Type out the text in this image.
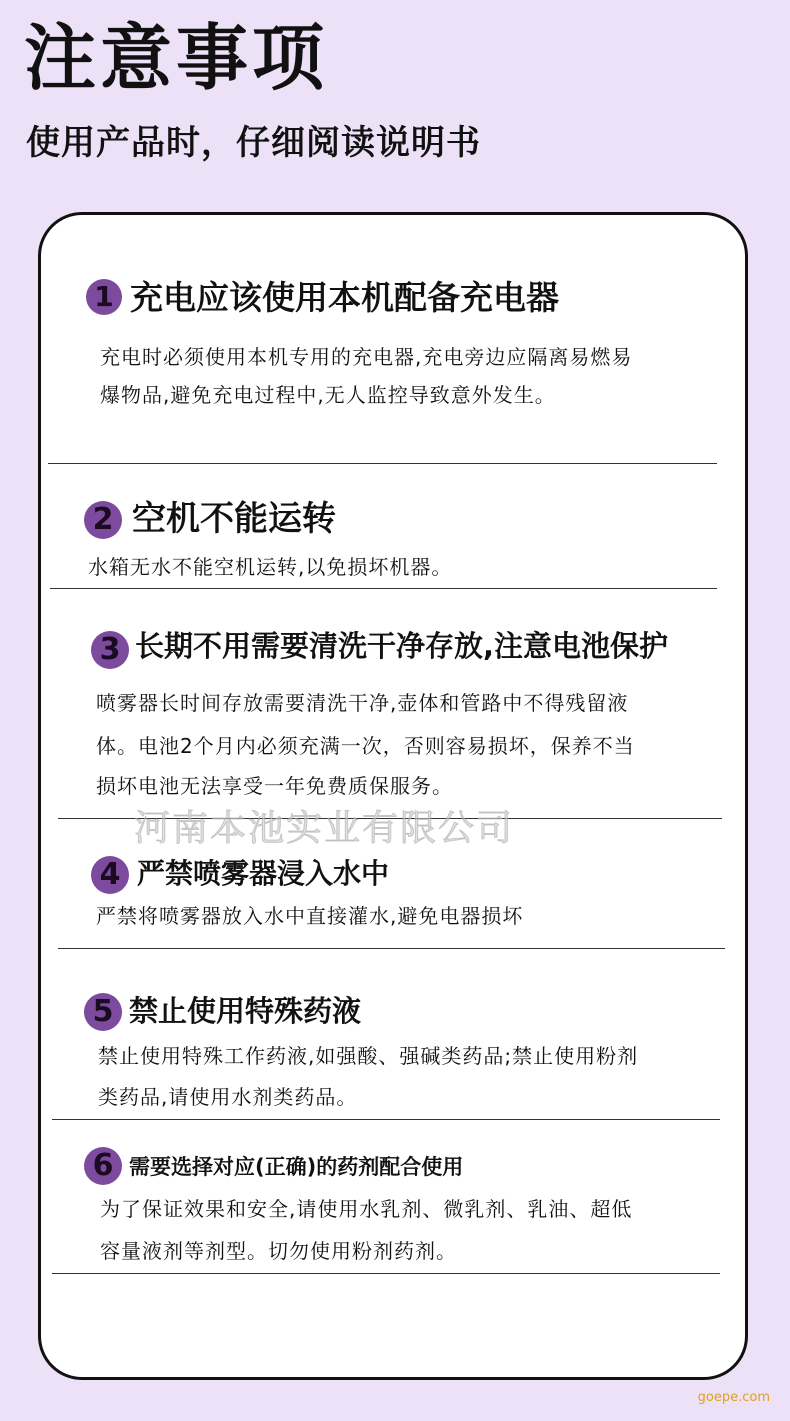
注意事项
使用产品时，仔细阅读说明书
1 充电应该使用本机配备充电器
充电时必须使用本机专用的充电器,充电旁边应隔离易燃易
爆物品,避免充电过程中,无人监控导致意外发生。
2 空机不能运转
水箱无水不能空机运转,以免损坏机器。
3 长期不用需要清洗干净存放,注意电池保护
喷雾器长时间存放需要清洗干净,壶体和管路中不得残留液
体。电池2个月内必须充满一次，否则容易损坏，保养不当
损坏电池无法享受一年免费质保服务。
河南本池实业有限公司
4 严禁喷雾器浸入水中
严禁将喷雾器放入水中直接灌水,避免电器损坏
5 禁止使用特殊药液
禁止使用特殊工作药液,如强酸、强碱类药品;禁止使用粉剂
类药品,请使用水剂类药品。
6 需要选择对应(正确)的药剂配合使用
为了保证效果和安全,请使用水乳剂、微乳剂、乳油、超低
容量液剂等剂型。切勿使用粉剂药剂。
goepe.com
